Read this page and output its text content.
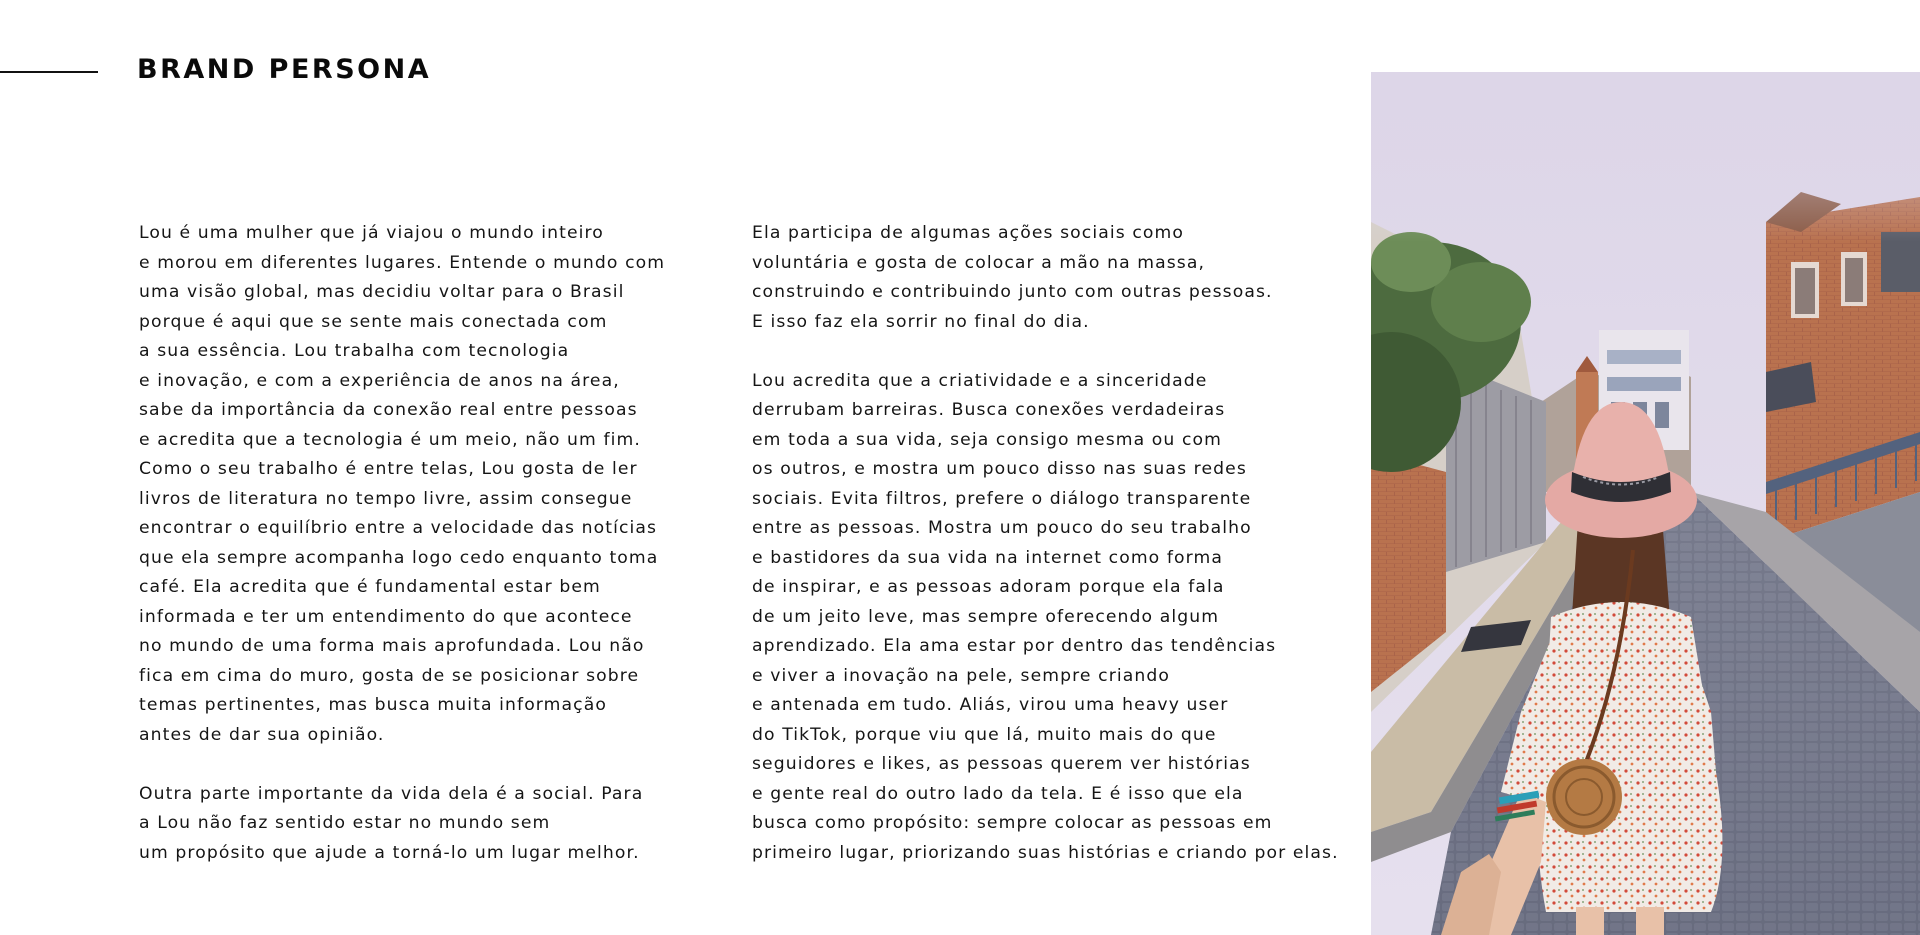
BRAND PERSONA

Lou é uma mulher que já viajou o mundo inteiro
e morou em diferentes lugares. Entende o mundo com
uma visão global, mas decidiu voltar para o Brasil
porque é aqui que se sente mais conectada com
a sua essência. Lou trabalha com tecnologia
e inovação, e com a experiência de anos na área,
sabe da importância da conexão real entre pessoas
e acredita que a tecnologia é um meio, não um fim.
Como o seu trabalho é entre telas, Lou gosta de ler
livros de literatura no tempo livre, assim consegue
encontrar o equilíbrio entre a velocidade das notícias
que ela sempre acompanha logo cedo enquanto toma
café. Ela acredita que é fundamental estar bem
informada e ter um entendimento do que acontece
no mundo de uma forma mais aprofundada. Lou não
fica em cima do muro, gosta de se posicionar sobre
temas pertinentes, mas busca muita informação
antes de dar sua opinião.

Outra parte importante da vida dela é a social. Para
a Lou não faz sentido estar no mundo sem
um propósito que ajude a torná-lo um lugar melhor.

Ela participa de algumas ações sociais como
voluntária e gosta de colocar a mão na massa,
construindo e contribuindo junto com outras pessoas.
E isso faz ela sorrir no final do dia.

Lou acredita que a criatividade e a sinceridade
derrubam barreiras. Busca conexões verdadeiras
em toda a sua vida, seja consigo mesma ou com
os outros, e mostra um pouco disso nas suas redes
sociais. Evita filtros, prefere o diálogo transparente
entre as pessoas. Mostra um pouco do seu trabalho
e bastidores da sua vida na internet como forma
de inspirar, e as pessoas adoram porque ela fala
de um jeito leve, mas sempre oferecendo algum
aprendizado. Ela ama estar por dentro das tendências
e viver a inovação na pele, sempre criando
e antenada em tudo. Aliás, virou uma heavy user
do TikTok, porque viu que lá, muito mais do que
seguidores e likes, as pessoas querem ver histórias
e gente real do outro lado da tela. E é isso que ela
busca como propósito: sempre colocar as pessoas em
primeiro lugar, priorizando suas histórias e criando por elas.
